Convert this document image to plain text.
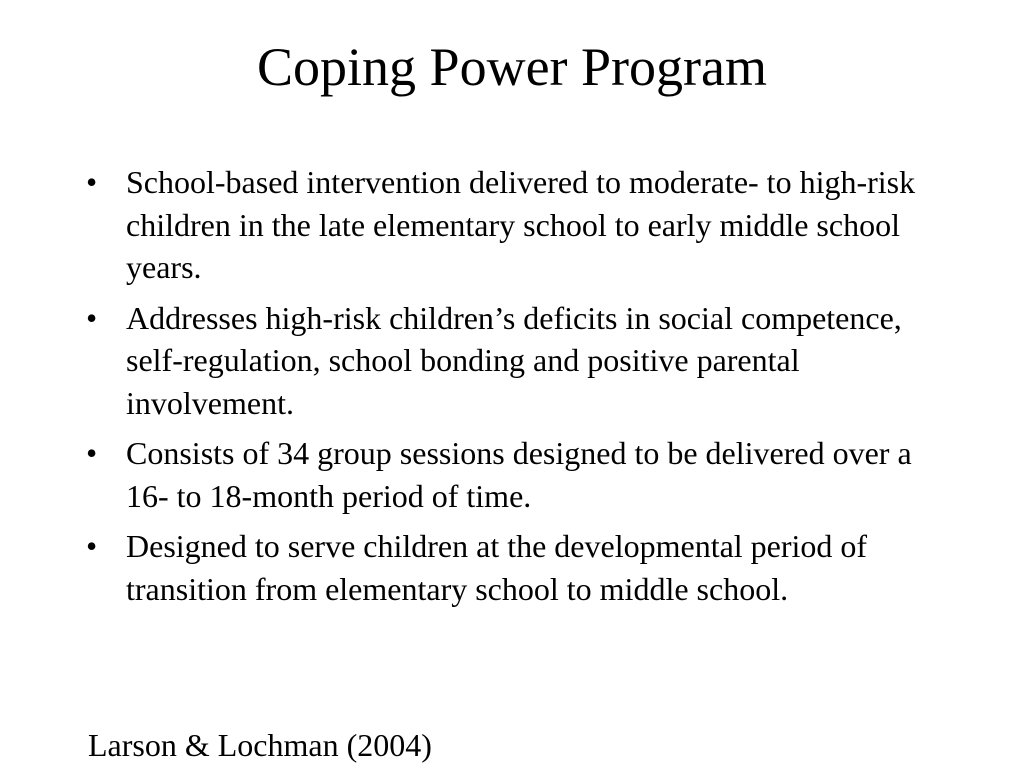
Coping Power Program
• School-based intervention delivered to moderate- to high-risk children in the late elementary school to early middle school years.
• Addresses high-risk children’s deficits in social competence, self-regulation, school bonding and positive parental involvement.
• Consists of 34 group sessions designed to be delivered over a 16- to 18-month period of time.
• Designed to serve children at the developmental period of transition from elementary school to middle school.
Larson & Lochman (2004)
